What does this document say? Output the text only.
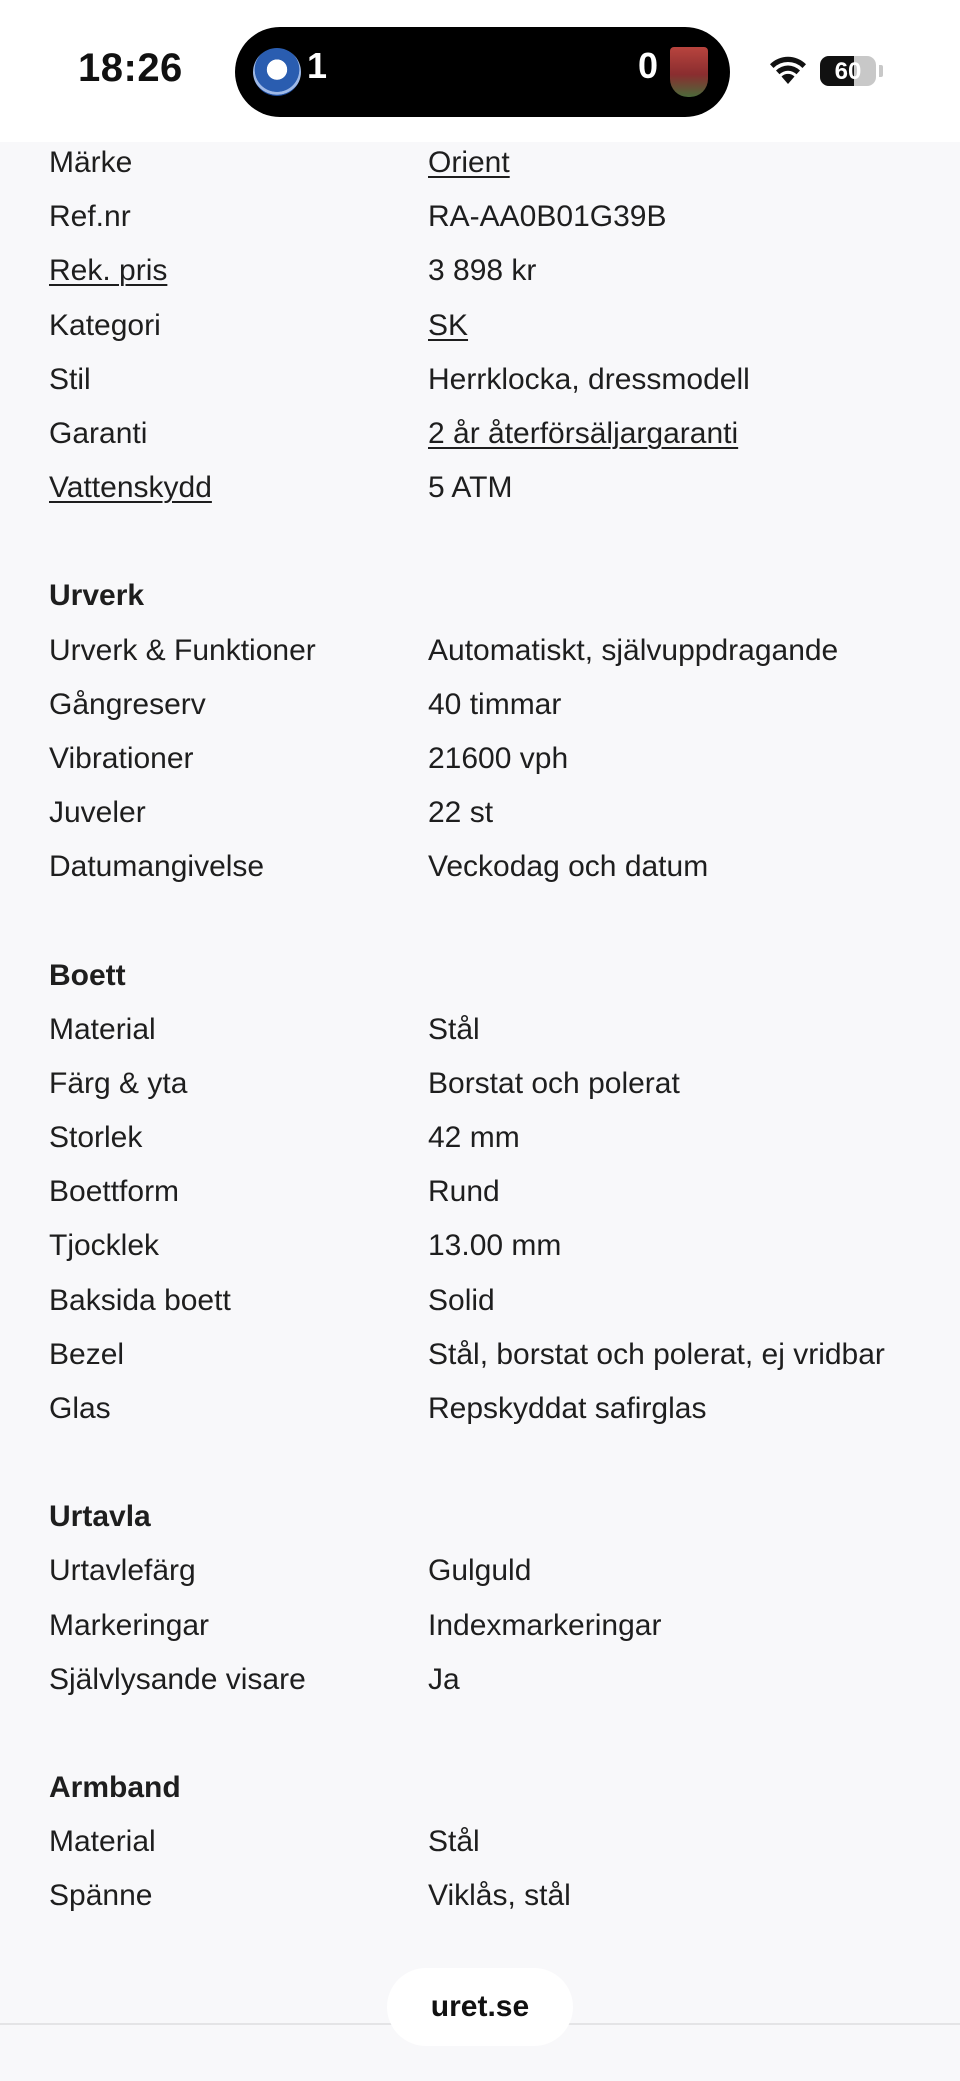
18:26	1	0	60
Märke	Orient
Ref.nr	RA-AA0B01G39B
Rek. pris	3 898 kr
Kategori	SK
Stil	Herrklocka, dressmodell
Garanti	2 år återförsäljargaranti
Vattenskydd	5 ATM
Urverk
Urverk & Funktioner	Automatiskt, självuppdragande
Gångreserv	40 timmar
Vibrationer	21600 vph
Juveler	22 st
Datumangivelse	Veckodag och datum
Boett
Material	Stål
Färg & yta	Borstat och polerat
Storlek	42 mm
Boettform	Rund
Tjocklek	13.00 mm
Baksida boett	Solid
Bezel	Stål, borstat och polerat, ej vridbar
Glas	Repskyddat safirglas
Urtavla
Urtavlefärg	Gulguld
Markeringar	Indexmarkeringar
Självlysande visare	Ja
Armband
Material	Stål
Spänne	Viklås, stål
uret.se
